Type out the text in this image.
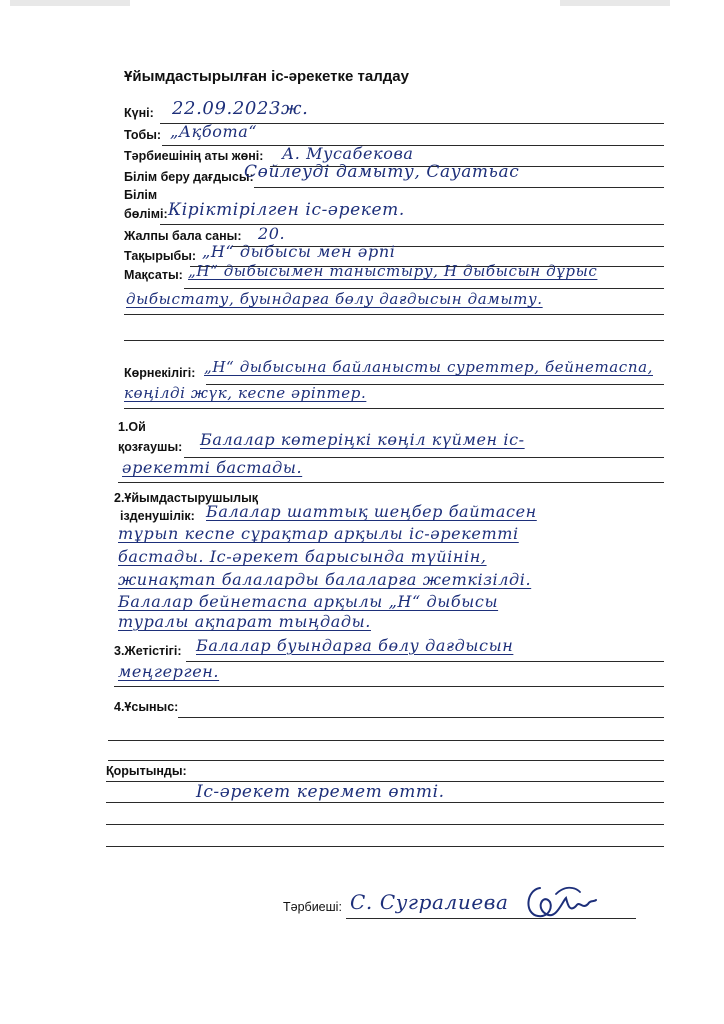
Ұйымдастырылған іс-әрекетке талдау
Күні: 22.09.2023ж.
Тобы: „Ақбота“
Тәрбиешінің аты жөні: А. Мусабекова
Білім беру дағдысы:
Сөйлеуді дамыту, Сауатьас
Білім
бөлімі: Кіріктірілген іс-әрекет.
Жалпы бала саны: 20.
Тақырыбы: „Н“ дыбысы мен әрпі
Мақсаты: „Н“ дыбысымен таныстыру, Н дыбысын дұрыс
дыбыстату, буындарға бөлу дағдысын дамыту.
Көрнекілігі: „Н“ дыбысына байланысты суреттер, бейнетаспа,
көңілді жүк, кеспе әріптер.
1.Ой
қозғаушы: Балалар көтеріңкі көңіл күймен іс-
әрекетті бастады.
2.Ұйымдастырушылық
ізденушілік: Балалар шаттық шеңбер байтасен
тұрып кеспе сұрақтар арқылы іс-әрекетті
бастады. Іс-әрекет барысында түйінін,
жинақтап балаларды балаларға жеткізілді.
Балалар бейнетаспа арқылы „Н“ дыбысы
туралы ақпарат тыңдады.
3.Жетістігі: Балалар буындарға бөлу дағдысын
меңгерген.
4.Ұсыныс:
Қорытынды:
Іс-әрекет керемет өтті.
Тәрбиеші: С. Сугралиева
